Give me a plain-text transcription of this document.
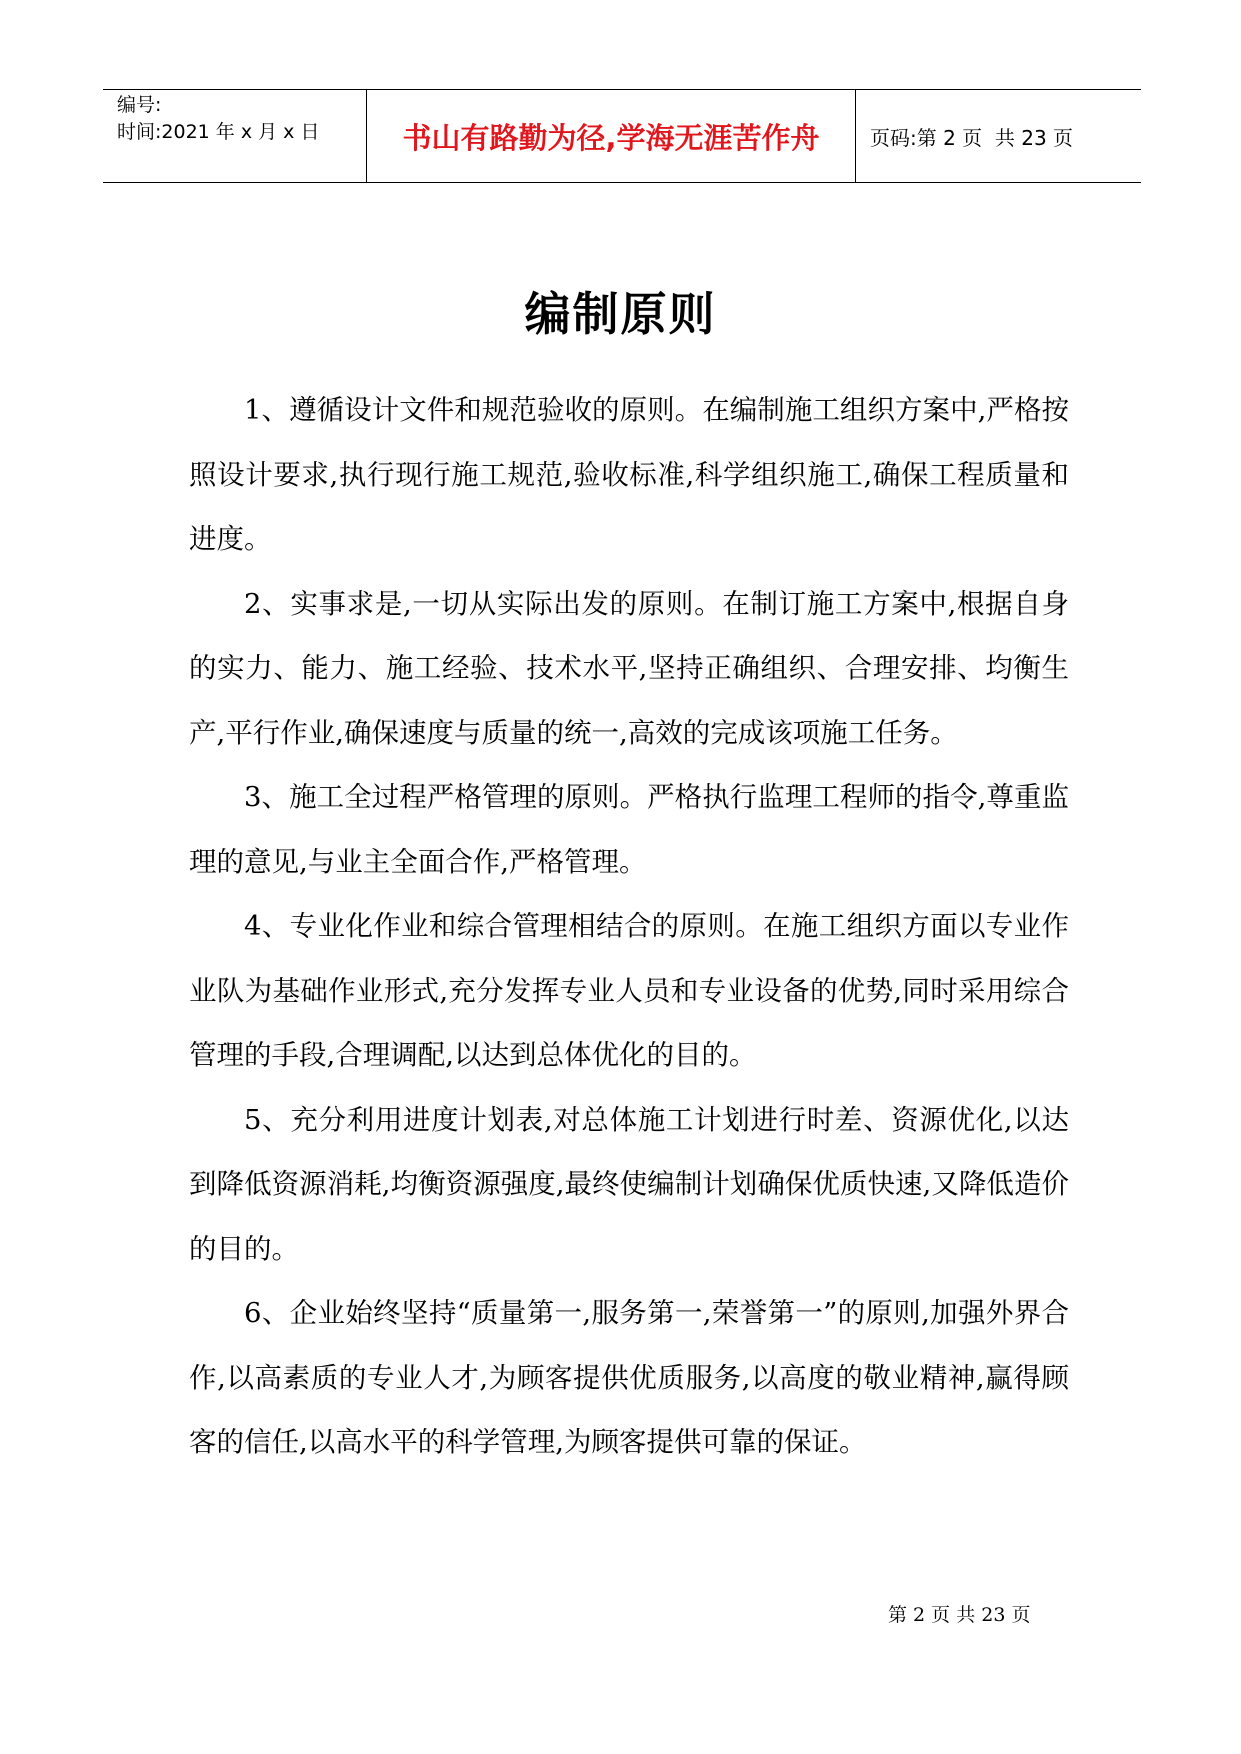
编号:
时间:2021 年 x 月 x 日	书山有路勤为径,学海无涯苦作舟	页码:第 2 页  共 23 页
编制原则

1、遵循设计文件和规范验收的原则。在编制施工组织方案中,严格按照设计要求,执行现行施工规范,验收标准,科学组织施工,确保工程质量和进度。

2、实事求是,一切从实际出发的原则。在制订施工方案中,根据自身的实力、能力、施工经验、技术水平,坚持正确组织、合理安排、均衡生产,平行作业,确保速度与质量的统一,高效的完成该项施工任务。

3、施工全过程严格管理的原则。严格执行监理工程师的指令,尊重监理的意见,与业主全面合作,严格管理。

4、专业化作业和综合管理相结合的原则。在施工组织方面以专业作业队为基础作业形式,充分发挥专业人员和专业设备的优势,同时采用综合管理的手段,合理调配,以达到总体优化的目的。

5、充分利用进度计划表,对总体施工计划进行时差、资源优化,以达到降低资源消耗,均衡资源强度,最终使编制计划确保优质快速,又降低造价的目的。

6、企业始终坚持“质量第一,服务第一,荣誉第一”的原则,加强外界合作,以高素质的专业人才,为顾客提供优质服务,以高度的敬业精神,赢得顾客的信任,以高水平的科学管理,为顾客提供可靠的保证。

第 2 页 共 23 页
